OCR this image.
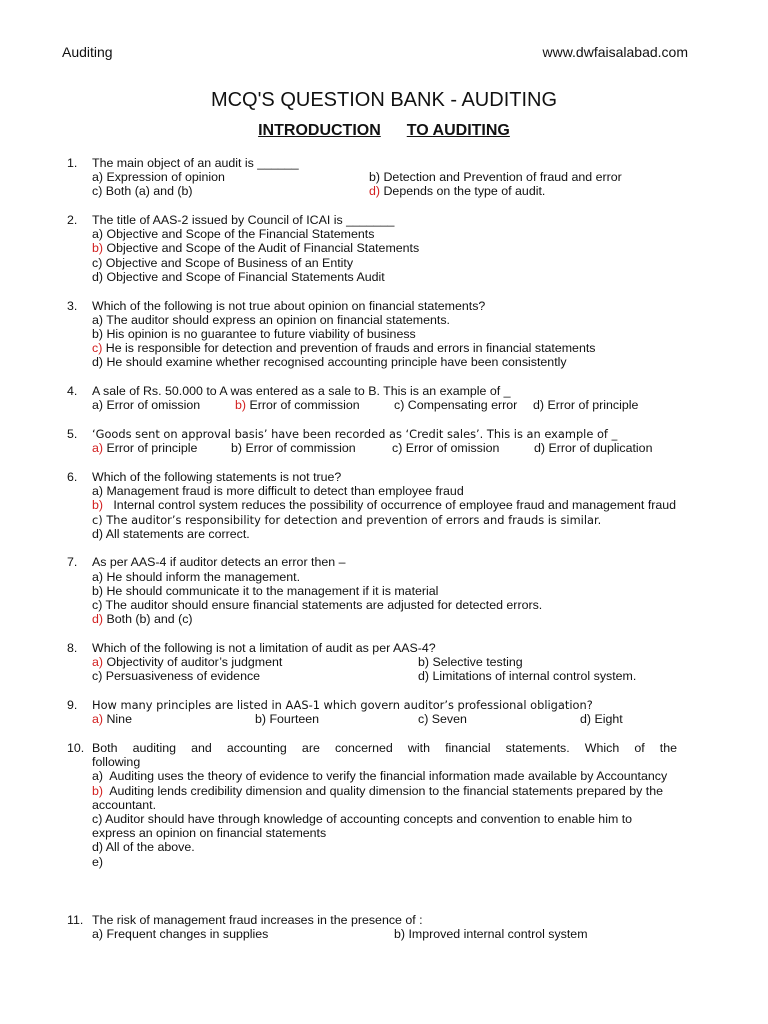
Auditing	www.dwfaisalabad.com
MCQ'S QUESTION BANK - AUDITING
INTRODUCTION TO AUDITING
1. The main object of an audit is ______
a) Expression of opinion	b) Detection and Prevention of fraud and error
c) Both (a) and (b)	d) Depends on the type of audit.
2. The title of AAS-2 issued by Council of ICAI is _______
a) Objective and Scope of the Financial Statements
b) Objective and Scope of the Audit of Financial Statements
c) Objective and Scope of Business of an Entity
d) Objective and Scope of Financial Statements Audit
3. Which of the following is not true about opinion on financial statements?
a) The auditor should express an opinion on financial statements.
b) His opinion is no guarantee to future viability of business
c) He is responsible for detection and prevention of frauds and errors in financial statements
d) He should examine whether recognised accounting principle have been consistently
4. A sale of Rs. 50.000 to A was entered as a sale to B. This is an example of _
a) Error of omission	b) Error of commission	c) Compensating error d) Error of principle
5. ‘Goods sent on approval basis’ have been recorded as ‘Credit sales’. This is an example of _
a) Error of principle	b) Error of commission	c) Error of omission	d) Error of duplication
6. Which of the following statements is not true?
a) Management fraud is more difficult to detect than employee fraud
b)   Internal control system reduces the possibility of occurrence of employee fraud and management fraud
c) The auditor’s responsibility for detection and prevention of errors and frauds is similar.
d) All statements are correct.
7. As per AAS-4 if auditor detects an error then –
a) He should inform the management.
b) He should communicate it to the management if it is material
c) The auditor should ensure financial statements are adjusted for detected errors.
d) Both (b) and (c)
8. Which of the following is not a limitation of audit as per AAS-4?
a) Objectivity of auditor’s judgment	b) Selective testing
c) Persuasiveness of evidence	d) Limitations of internal control system.
9. How many principles are listed in AAS-1 which govern auditor’s professional obligation?
a) Nine	b) Fourteen	c) Seven	d) Eight
10. Both auditing and accounting are concerned with financial statements. Which of the
following
a)  Auditing uses the theory of evidence to verify the financial information made available by Accountancy
b)  Auditing lends credibility dimension and quality dimension to the financial statements prepared by the accountant.
c) Auditor should have through knowledge of accounting concepts and convention to enable him to express an opinion on financial statements
d) All of the above.
e)
11. The risk of management fraud increases in the presence of :
a) Frequent changes in supplies	b) Improved internal control system
